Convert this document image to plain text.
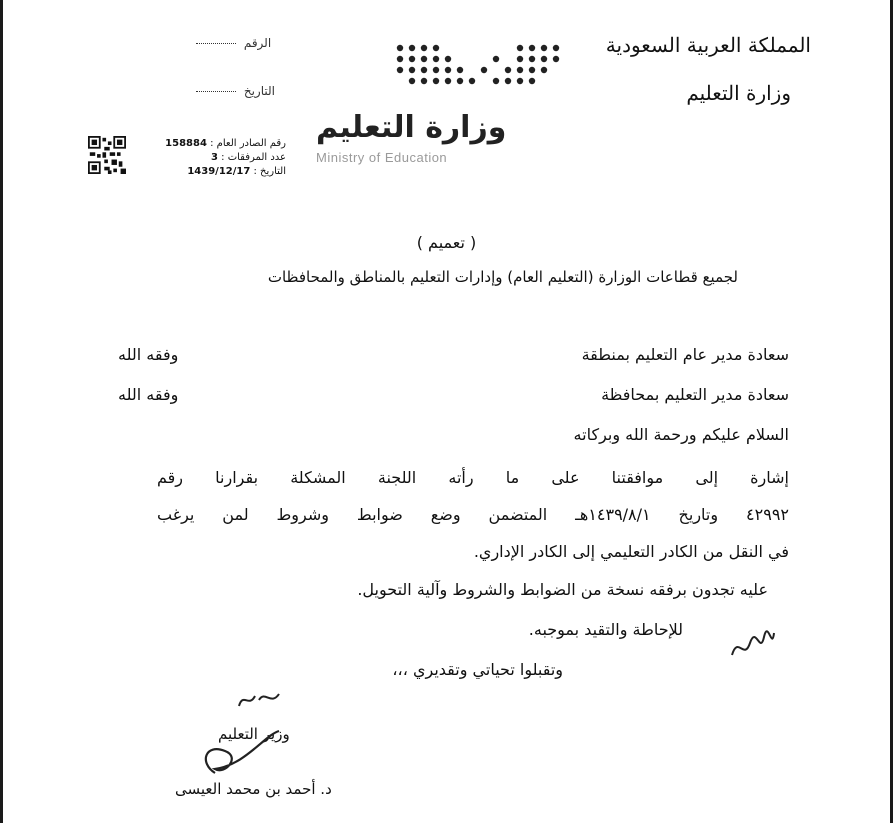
المملكة العربية السعودية
وزارة التعليم
الرقم
التاريخ
وزارة التعليم
Ministry of Education
رقم الصادر العام : 158884
عدد المرفقات : 3
التاريخ : 1439/12/17
( تعميم )
لجميع قطاعات الوزارة (التعليم العام) وإدارات التعليم بالمناطق والمحافظات
سعادة مدير عام التعليم بمنطقة
وفقه الله
سعادة مدير التعليم بمحافظة
وفقه الله
السلام عليكم ورحمة الله وبركاته
إشارة إلى موافقتنا على ما رأته اللجنة المشكلة بقرارنا رقم
٤٢٩٩٢ وتاريخ ١٤٣٩/٨/١هـ المتضمن وضع ضوابط وشروط لمن يرغب
في النقل من الكادر التعليمي إلى الكادر الإداري.
عليه تجدون برفقه نسخة من الضوابط والشروط وآلية التحويل.
للإحاطة والتقيد بموجبه.
وتقبلوا تحياتي وتقديري ،،،
وزير التعليم
د. أحمد بن محمد العيسى
